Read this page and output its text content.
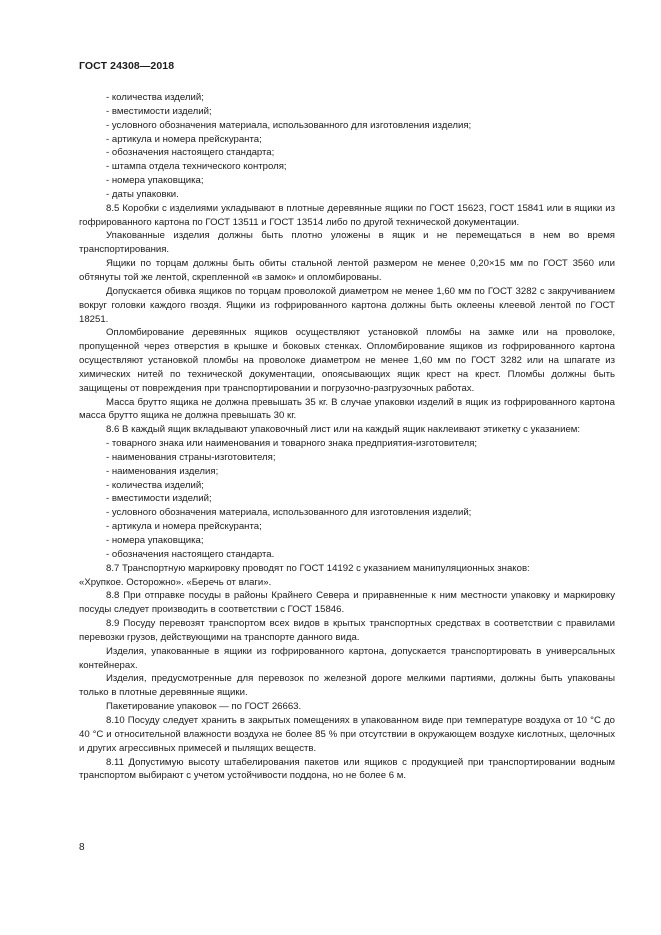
ГОСТ 24308—2018
- количества изделий;
- вместимости изделий;
- условного обозначения материала, использованного для изготовления изделия;
- артикула и номера прейскуранта;
- обозначения настоящего стандарта;
- штампа отдела технического контроля;
- номера упаковщика;
- даты упаковки.

8.5 Коробки с изделиями укладывают в плотные деревянные ящики по ГОСТ 15623, ГОСТ 15841 или в ящики из гофрированного картона по ГОСТ 13511 и ГОСТ 13514 либо по другой технической документации.

Упакованные изделия должны быть плотно уложены в ящик и не перемещаться в нем во время транспортирования.

Ящики по торцам должны быть обиты стальной лентой размером не менее 0,20×15 мм по ГОСТ 3560 или обтянуты той же лентой, скрепленной «в замок» и опломбированы.

Допускается обивка ящиков по торцам проволокой диаметром не менее 1,60 мм по ГОСТ 3282 с закручиванием вокруг головки каждого гвоздя. Ящики из гофрированного картона должны быть оклеены клеевой лентой по ГОСТ 18251.

Опломбирование деревянных ящиков осуществляют установкой пломбы на замке или на проволоке, пропущенной через отверстия в крышке и боковых стенках. Опломбирование ящиков из гофрированного картона осуществляют установкой пломбы на проволоке диаметром не менее 1,60 мм по ГОСТ 3282 или на шпагате из химических нитей по технической документации, опоясывающих ящик крест на крест. Пломбы должны быть защищены от повреждения при транспортировании и погрузочно-разгрузочных работах.

Масса брутто ящика не должна превышать 35 кг. В случае упаковки изделий в ящик из гофрированного картона масса брутто ящика не должна превышать 30 кг.

8.6 В каждый ящик вкладывают упаковочный лист или на каждый ящик наклеивают этикетку с указанием:

- товарного знака или наименования и товарного знака предприятия-изготовителя;
- наименования страны-изготовителя;
- наименования изделия;
- количества изделий;
- вместимости изделий;
- условного обозначения материала, использованного для изготовления изделий;
- артикула и номера прейскуранта;
- номера упаковщика;
- обозначения настоящего стандарта.

8.7 Транспортную маркировку проводят по ГОСТ 14192 с указанием манипуляционных знаков:

«Хрупкое. Осторожно». «Беречь от влаги».

8.8 При отправке посуды в районы Крайнего Севера и приравненные к ним местности упаковку и маркировку посуды следует производить в соответствии с ГОСТ 15846.

8.9 Посуду перевозят транспортом всех видов в крытых транспортных средствах в соответствии с правилами перевозки грузов, действующими на транспорте данного вида.

Изделия, упакованные в ящики из гофрированного картона, допускается транспортировать в универсальных контейнерах.

Изделия, предусмотренные для перевозок по железной дороге мелкими партиями, должны быть упакованы только в плотные деревянные ящики.

Пакетирование упаковок — по ГОСТ 26663.

8.10 Посуду следует хранить в закрытых помещениях в упакованном виде при температуре воздуха от 10 °С до 40 °С и относительной влажности воздуха не более 85 % при отсутствии в окружающем воздухе кислотных, щелочных и других агрессивных примесей и пылящих веществ.

8.11 Допустимую высоту штабелирования пакетов или ящиков с продукцией при транспортировании водным транспортом выбирают с учетом устойчивости поддона, но не более 6 м.

8
